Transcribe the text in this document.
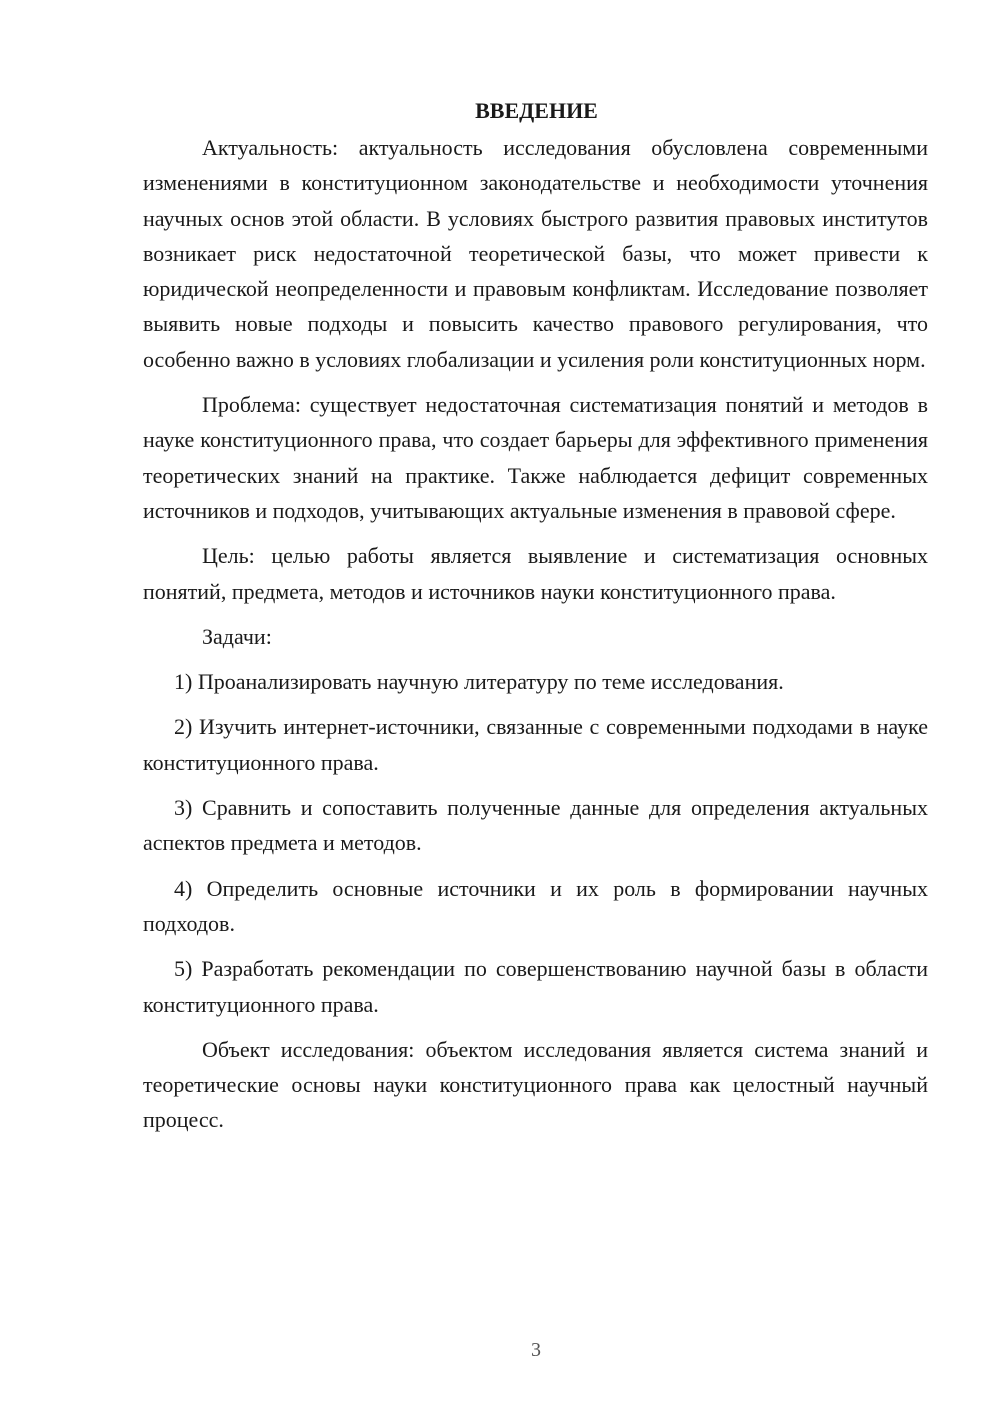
ВВЕДЕНИЕ

Актуальность: актуальность исследования обусловлена современными изменениями в конституционном законодательстве и необходимости уточнения научных основ этой области. В условиях быстрого развития правовых институтов возникает риск недостаточной теоретической базы, что может привести к юридической неопределенности и правовым конфликтам. Исследование позволяет выявить новые подходы и повысить качество правового регулирования, что особенно важно в условиях глобализации и усиления роли конституционных норм.

Проблема: существует недостаточная систематизация понятий и методов в науке конституционного права, что создает барьеры для эффективного применения теоретических знаний на практике. Также наблюдается дефицит современных источников и подходов, учитывающих актуальные изменения в правовой сфере.

Цель: целью работы является выявление и систематизация основных понятий, предмета, методов и источников науки конституционного права.

Задачи:

1) Проанализировать научную литературу по теме исследования.

2) Изучить интернет-источники, связанные с современными подходами в науке конституционного права.

3) Сравнить и сопоставить полученные данные для определения актуальных аспектов предмета и методов.

4) Определить основные источники и их роль в формировании научных подходов.

5) Разработать рекомендации по совершенствованию научной базы в области конституционного права.

Объект исследования: объектом исследования является система знаний и теоретические основы науки конституционного права как целостный научный процесс.

3
